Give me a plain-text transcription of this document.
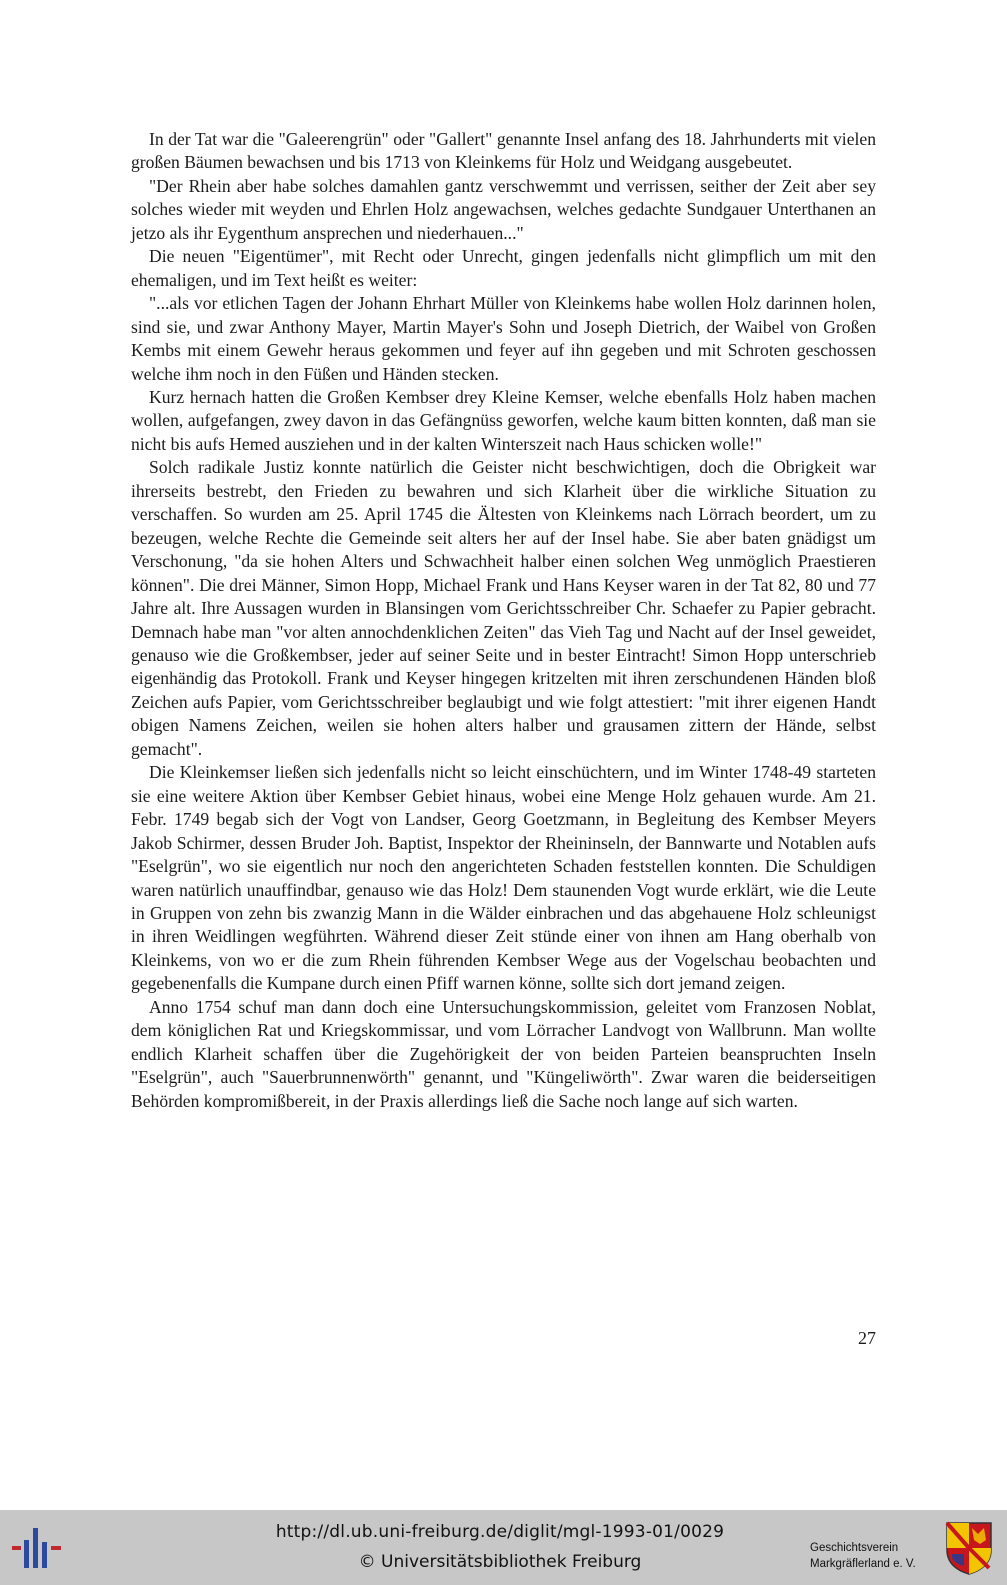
In der Tat war die "Galeerengrün" oder "Gallert" genannte Insel anfang des 18. Jahrhunderts mit vielen großen Bäumen bewachsen und bis 1713 von Kleinkems für Holz und Weidgang ausgebeutet.

"Der Rhein aber habe solches damahlen gantz verschwemmt und verrissen, seither der Zeit aber sey solches wieder mit weyden und Ehrlen Holz angewachsen, welches gedachte Sundgauer Unterthanen an jetzo als ihr Eygenthum ansprechen und niederhauen..."

Die neuen "Eigentümer", mit Recht oder Unrecht, gingen jedenfalls nicht glimpflich um mit den ehemaligen, und im Text heißt es weiter:

"...als vor etlichen Tagen der Johann Ehrhart Müller von Kleinkems habe wollen Holz darinnen holen, sind sie, und zwar Anthony Mayer, Martin Mayer's Sohn und Joseph Dietrich, der Waibel von Großen Kembs mit einem Gewehr heraus gekommen und feyer auf ihn gegeben und mit Schroten geschossen welche ihm noch in den Füßen und Händen stecken.

Kurz hernach hatten die Großen Kembser drey Kleine Kemser, welche ebenfalls Holz haben machen wollen, aufgefangen, zwey davon in das Gefängnüss geworfen, welche kaum bitten konnten, daß man sie nicht bis aufs Hemed ausziehen und in der kalten Winterszeit nach Haus schicken wolle!"

Solch radikale Justiz konnte natürlich die Geister nicht beschwichtigen, doch die Obrigkeit war ihrerseits bestrebt, den Frieden zu bewahren und sich Klarheit über die wirkliche Situation zu verschaffen. So wurden am 25. April 1745 die Ältesten von Kleinkems nach Lörrach beordert, um zu bezeugen, welche Rechte die Gemeinde seit alters her auf der Insel habe. Sie aber baten gnädigst um Verschonung, "da sie hohen Alters und Schwachheit halber einen solchen Weg unmöglich Praestieren können". Die drei Männer, Simon Hopp, Michael Frank und Hans Keyser waren in der Tat 82, 80 und 77 Jahre alt. Ihre Aussagen wurden in Blansingen vom Gerichtsschreiber Chr. Schaefer zu Papier gebracht. Demnach habe man "vor alten annochdenklichen Zeiten" das Vieh Tag und Nacht auf der Insel geweidet, genauso wie die Großkembser, jeder auf seiner Seite und in bester Eintracht! Simon Hopp unterschrieb eigenhändig das Protokoll. Frank und Keyser hingegen kritzelten mit ihren zerschundenen Händen bloß Zeichen aufs Papier, vom Gerichtsschreiber beglaubigt und wie folgt attestiert: "mit ihrer eigenen Handt obigen Namens Zeichen, weilen sie hohen alters halber und grausamen zittern der Hände, selbst gemacht".

Die Kleinkemser ließen sich jedenfalls nicht so leicht einschüchtern, und im Winter 1748-49 starteten sie eine weitere Aktion über Kembser Gebiet hinaus, wobei eine Menge Holz gehauen wurde. Am 21. Febr. 1749 begab sich der Vogt von Landser, Georg Goetzmann, in Begleitung des Kembser Meyers Jakob Schirmer, dessen Bruder Joh. Baptist, Inspektor der Rheininseln, der Bannwarte und Notablen aufs "Eselgrün", wo sie eigentlich nur noch den angerichteten Schaden feststellen konnten. Die Schuldigen waren natürlich unauffindbar, genauso wie das Holz! Dem staunenden Vogt wurde erklärt, wie die Leute in Gruppen von zehn bis zwanzig Mann in die Wälder einbrachen und das abgehauene Holz schleunigst in ihren Weidlingen wegführten. Während dieser Zeit stünde einer von ihnen am Hang oberhalb von Kleinkems, von wo er die zum Rhein führenden Kembser Wege aus der Vogelschau beobachten und gegebenenfalls die Kumpane durch einen Pfiff warnen könne, sollte sich dort jemand zeigen.

Anno 1754 schuf man dann doch eine Untersuchungskommission, geleitet vom Franzosen Noblat, dem königlichen Rat und Kriegskommissar, und vom Lörracher Landvogt von Wallbrunn. Man wollte endlich Klarheit schaffen über die Zugehörigkeit der von beiden Parteien beanspruchten Inseln "Eselgrün", auch "Sauerbrunnenwörth" genannt, und "Küngeliwörth". Zwar waren die beiderseitigen Behörden kompromißbereit, in der Praxis allerdings ließ die Sache noch lange auf sich warten.

27
http://dl.ub.uni-freiburg.de/diglit/mgl-1993-01/0029
© Universitätsbibliothek Freiburg
Geschichtsverein
Markgräflerland e. V.
